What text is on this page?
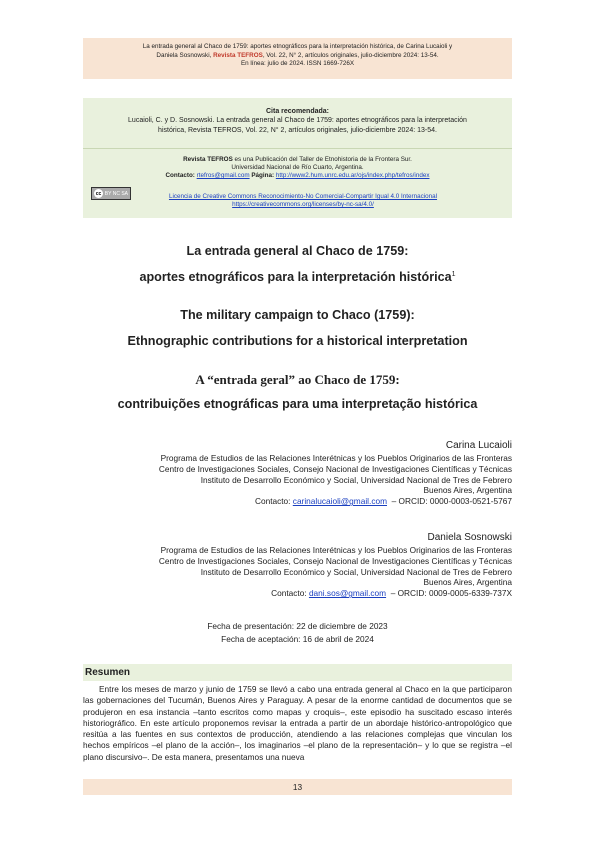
La entrada general al Chaco de 1759: aportes etnográficos para la interpretación histórica, de Carina Lucaioli y
Daniela Sosnowski, Revista TEFROS, Vol. 22, N° 2, artículos originales, julio-diciembre 2024: 13-54.
En línea: julio de 2024. ISSN 1669-726X
Cita recomendada:
Lucaioli, C. y D. Sosnowski. La entrada general al Chaco de 1759: aportes etnográficos para la interpretación
histórica, Revista TEFROS, Vol. 22, N° 2, artículos originales, julio-diciembre 2024: 13-54.
Revista TEFROS es una Publicación del Taller de Etnohistoria de la Frontera Sur.
Universidad Nacional de Río Cuarto, Argentina.
Contacto: rtefros@gmail.com Página: http://www2.hum.unrc.edu.ar/ojs/index.php/tefros/index
cc BY NC SA	Licencia de Creative Commons Reconocimiento-No Comercial-Compartir Igual 4.0 Internacional
https://creativecommons.org/licenses/by-nc-sa/4.0/
La entrada general al Chaco de 1759:
aportes etnográficos para la interpretación histórica$^1$
The military campaign to Chaco (1759):
Ethnographic contributions for a historical interpretation
A “entrada geral” ao Chaco de 1759:
contribuições etnográficas para uma interpretação histórica
Carina Lucaioli
Programa de Estudios de las Relaciones Interétnicas y los Pueblos Originarios de las Fronteras
Centro de Investigaciones Sociales, Consejo Nacional de Investigaciones Científicas y Técnicas
Instituto de Desarrollo Económico y Social, Universidad Nacional de Tres de Febrero
Buenos Aires, Argentina
Contacto: carinalucaioli@gmail.com  – ORCID: 0000-0003-0521-5767
Daniela Sosnowski
Programa de Estudios de las Relaciones Interétnicas y los Pueblos Originarios de las Fronteras
Centro de Investigaciones Sociales, Consejo Nacional de Investigaciones Científicas y Técnicas
Instituto de Desarrollo Económico y Social, Universidad Nacional de Tres de Febrero
Buenos Aires, Argentina
Contacto: dani.sos@gmail.com  – ORCID: 0009-0005-6339-737X
Fecha de presentación: 22 de diciembre de 2023
Fecha de aceptación: 16 de abril de 2024
Resumen
Entre los meses de marzo y junio de 1759 se llevó a cabo una entrada general al Chaco en la que participaron las gobernaciones del Tucumán, Buenos Aires y Paraguay. A pesar de la enorme cantidad de documentos que se produjeron en esa instancia –tanto escritos como mapas y croquis–, este episodio ha suscitado escaso interés historiográfico. En este artículo proponemos revisar la entrada a partir de un abordaje histórico-antropológico que resitúa a las fuentes en sus contextos de producción, atendiendo a las relaciones complejas que vinculan los hechos empíricos –el plano de la acción–, los imaginarios –el plano de la representación– y lo que se registra –el plano discursivo–. De esta manera, presentamos una nueva
13
